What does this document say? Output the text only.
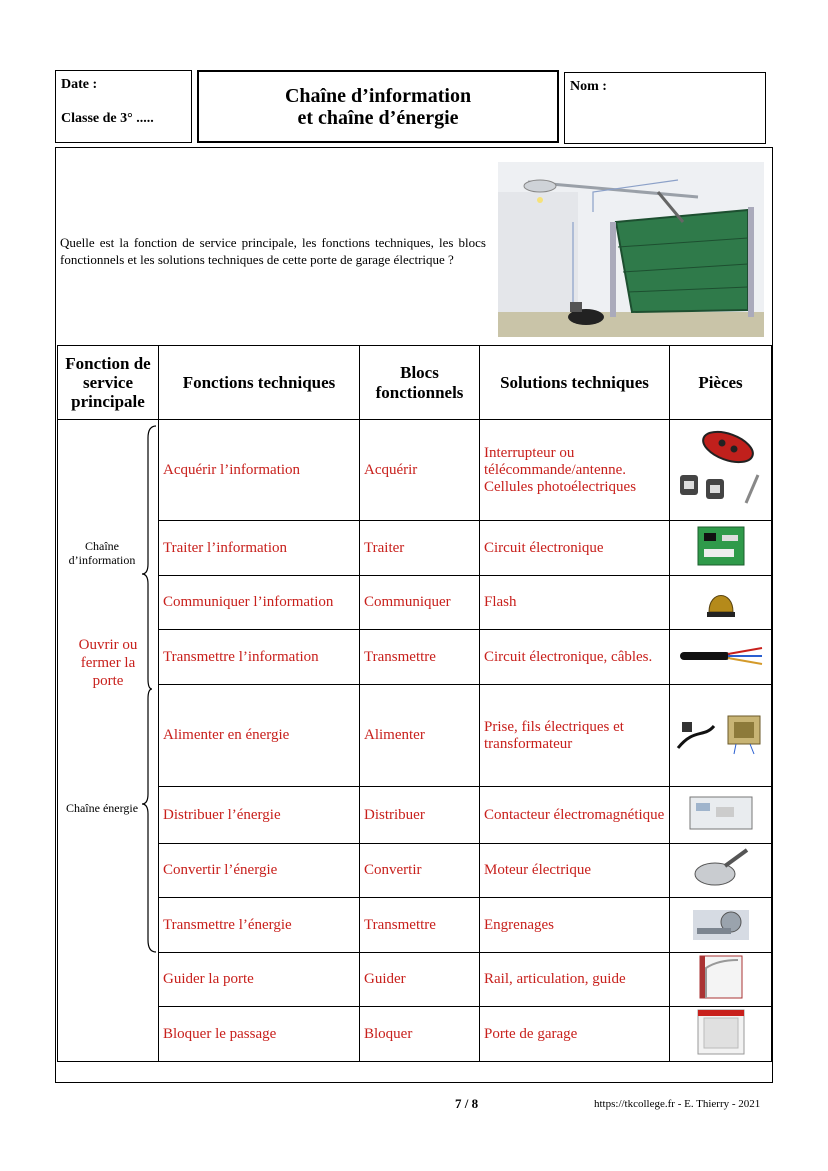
Date :
Classe de 3° .....
Chaîne d’information
et chaîne d’énergie
Nom :
Quelle est la fonction de service principale, les fonctions techniques, les blocs fonctionnels et les solutions techniques de cette porte de garage électrique ?
Fonction de service principale	Fonctions techniques	Blocs fonctionnels	Solutions techniques	Pièces
	Acquérir l’information	Acquérir	Interrupteur ou télécommande/antenne. Cellules photoélectriques	
	Traiter l’information	Traiter	Circuit électronique	
	Communiquer l’information	Communiquer	Flash	
	Transmettre l’information	Transmettre	Circuit électronique, câbles.	
	Alimenter en énergie	Alimenter	Prise, fils électriques et transformateur	
	Distribuer l’énergie	Distribuer	Contacteur électromagnétique	
	Convertir l’énergie	Convertir	Moteur électrique	
	Transmettre l’énergie	Transmettre	Engrenages	
	Guider la porte	Guider	Rail, articulation, guide	
	Bloquer le passage	Bloquer	Porte de garage	
Chaîne d’information
Ouvrir ou fermer la porte
Chaîne énergie
7 / 8	https://tkcollege.fr - E. Thierry - 2021
